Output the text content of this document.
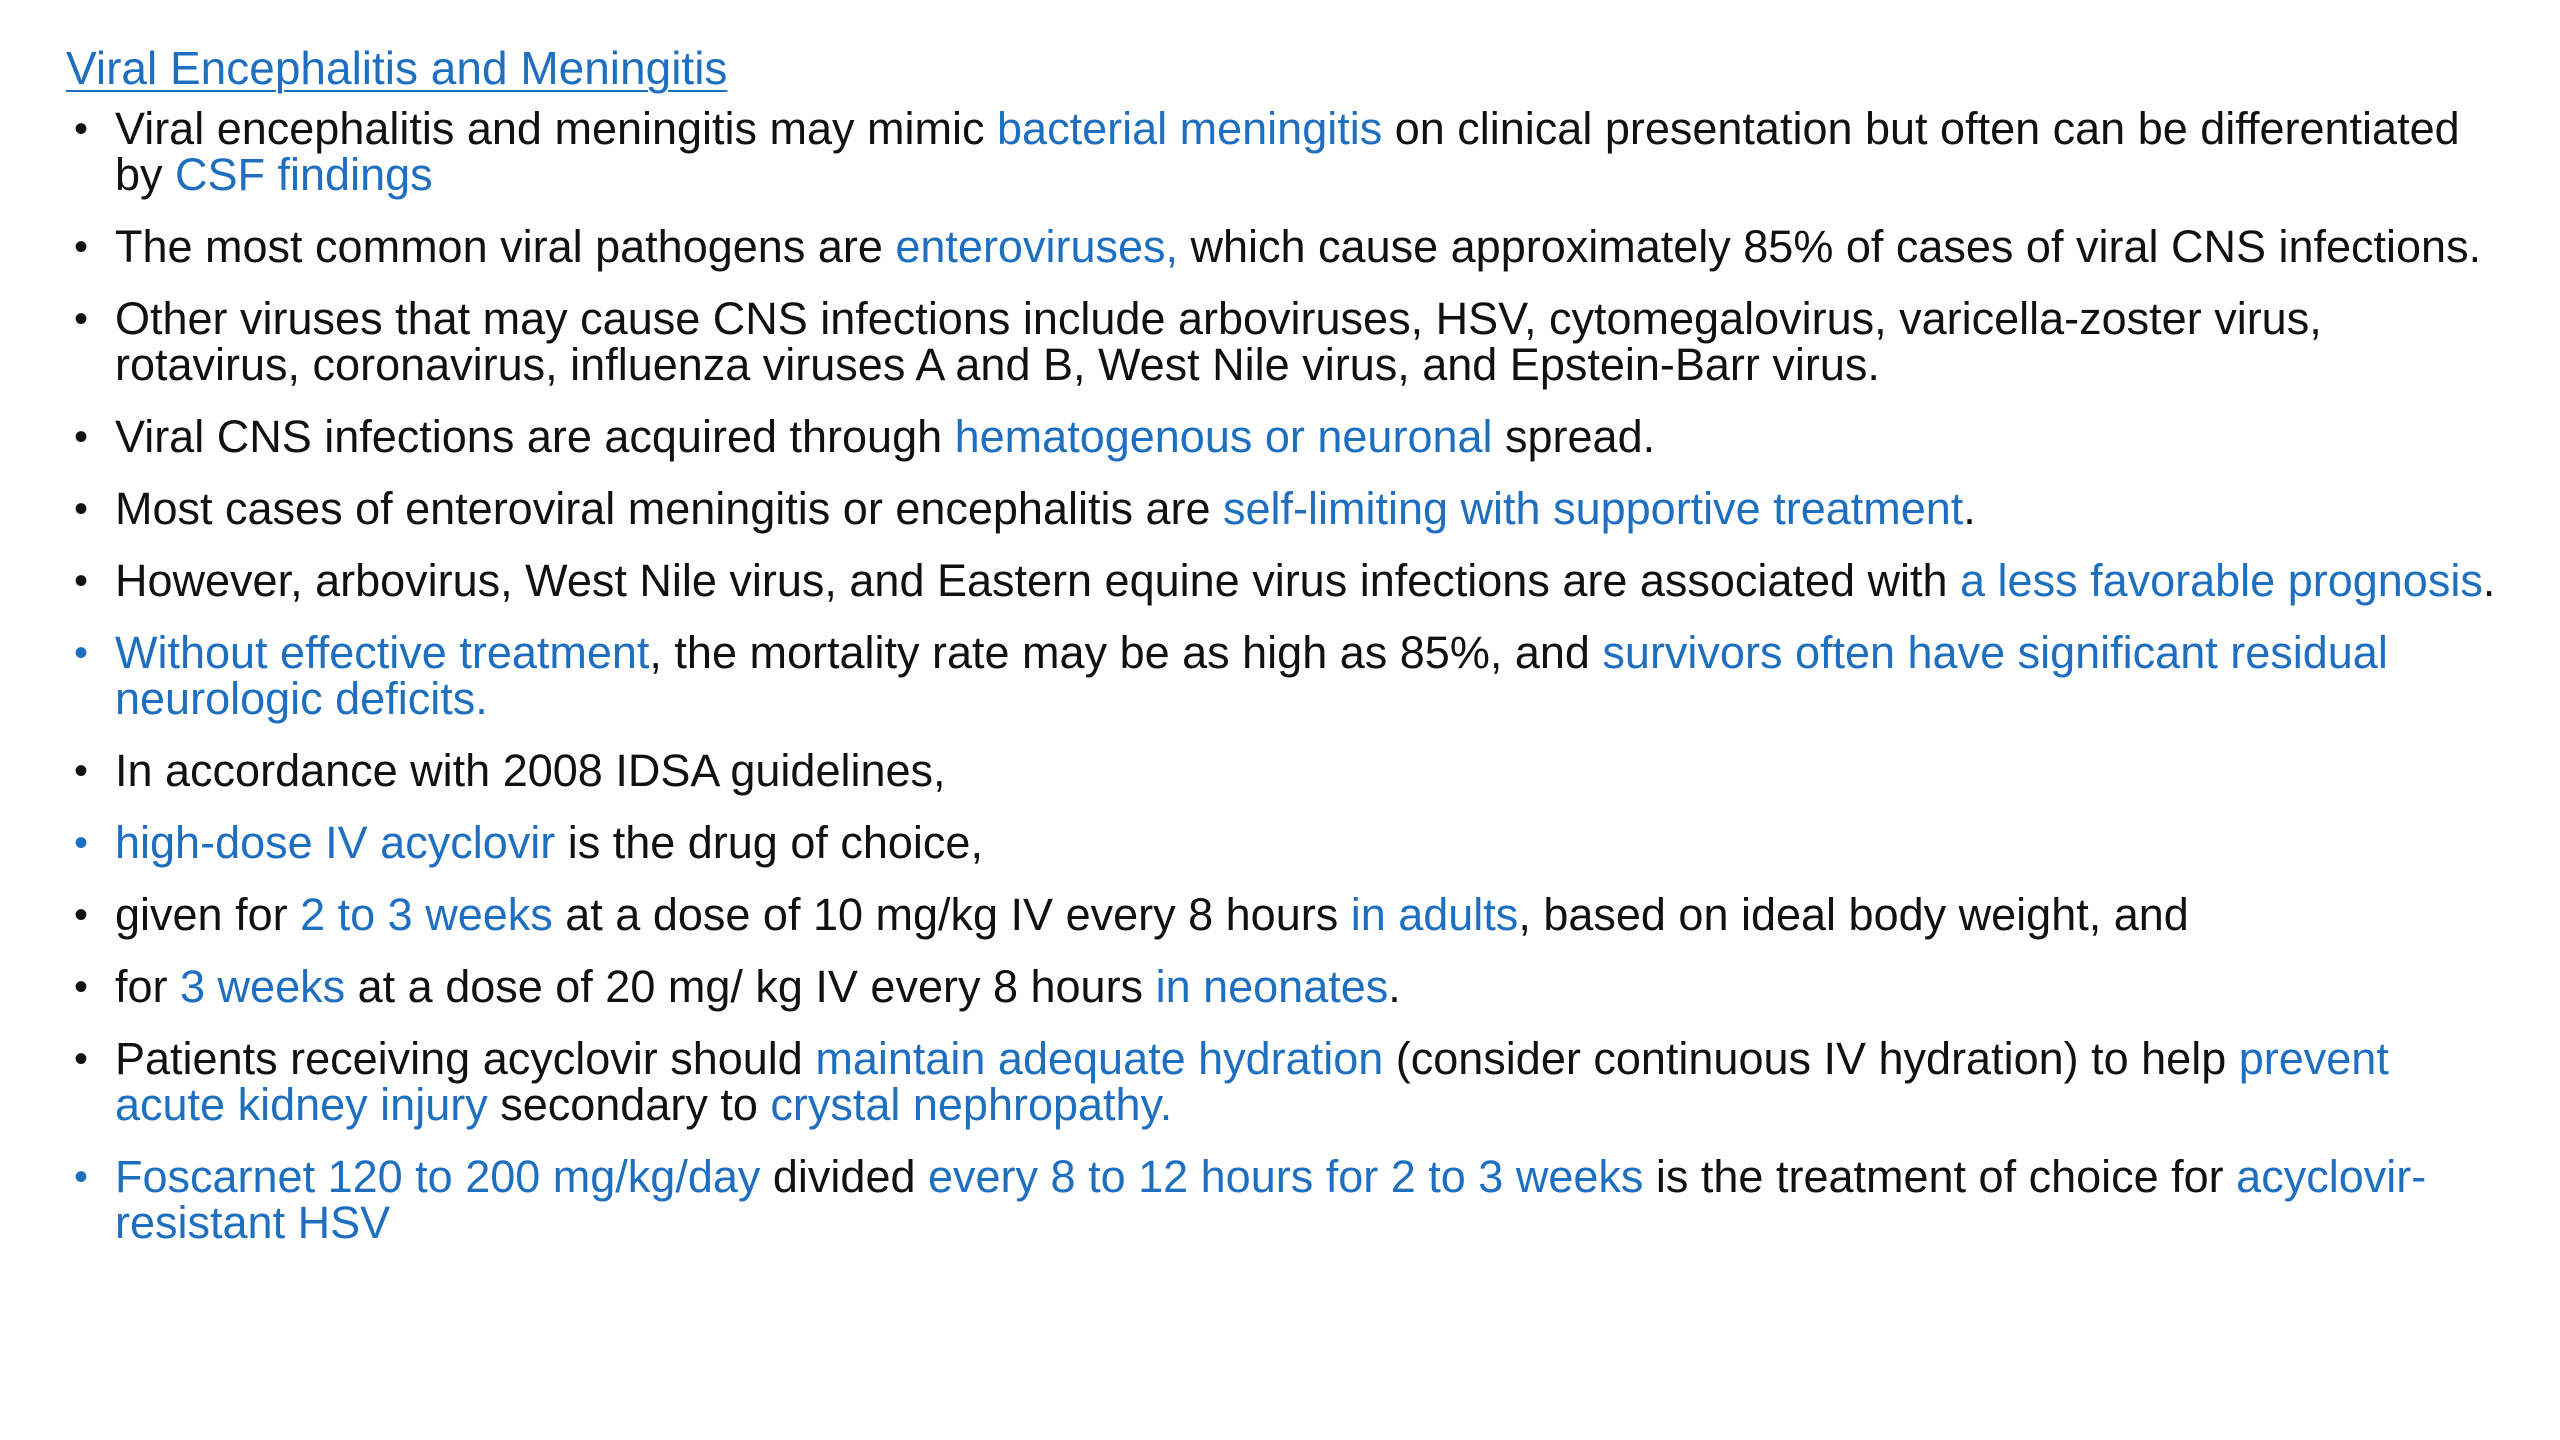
Viral Encephalitis and Meningitis
• Viral encephalitis and meningitis may mimic bacterial meningitis on clinical presentation but often can be differentiated by CSF findings
• The most common viral pathogens are enteroviruses, which cause approximately 85% of cases of viral CNS infections.
• Other viruses that may cause CNS infections include arboviruses, HSV, cytomegalovirus, varicella-zoster virus, rotavirus, coronavirus, influenza viruses A and B, West Nile virus, and Epstein-Barr virus.
• Viral CNS infections are acquired through hematogenous or neuronal spread.
• Most cases of enteroviral meningitis or encephalitis are self-limiting with supportive treatment.
• However, arbovirus, West Nile virus, and Eastern equine virus infections are associated with a less favorable prognosis.
• Without effective treatment, the mortality rate may be as high as 85%, and survivors often have significant residual neurologic deficits.
• In accordance with 2008 IDSA guidelines,
• high-dose IV acyclovir is the drug of choice,
• given for 2 to 3 weeks at a dose of 10 mg/kg IV every 8 hours in adults, based on ideal body weight, and
• for 3 weeks at a dose of 20 mg/ kg IV every 8 hours in neonates.
• Patients receiving acyclovir should maintain adequate hydration (consider continuous IV hydration) to help prevent acute kidney injury secondary to crystal nephropathy.
• Foscarnet 120 to 200 mg/kg/day divided every 8 to 12 hours for 2 to 3 weeks is the treatment of choice for acyclovir-resistant HSV
